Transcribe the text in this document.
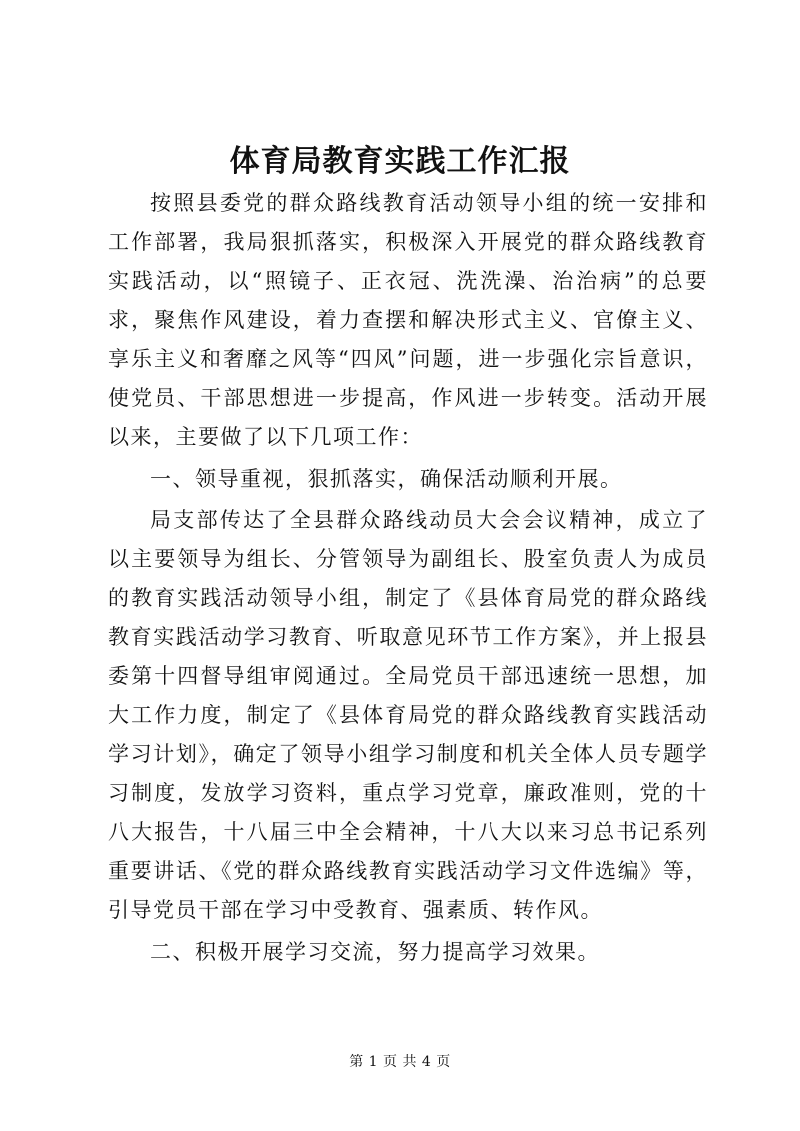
体育局教育实践工作汇报

按照县委党的群众路线教育活动领导小组的统一安排和工作部署，我局狠抓落实，积极深入开展党的群众路线教育实践活动，以“照镜子、正衣冠、洗洗澡、治治病”的总要求，聚焦作风建设，着力查摆和解决形式主义、官僚主义、享乐主义和奢靡之风等“四风”问题，进一步强化宗旨意识，使党员、干部思想进一步提高，作风进一步转变。活动开展以来，主要做了以下几项工作：

一、领导重视，狠抓落实，确保活动顺利开展。

局支部传达了全县群众路线动员大会会议精神，成立了以主要领导为组长、分管领导为副组长、股室负责人为成员的教育实践活动领导小组，制定了《县体育局党的群众路线教育实践活动学习教育、听取意见环节工作方案》，并上报县委第十四督导组审阅通过。全局党员干部迅速统一思想，加大工作力度，制定了《县体育局党的群众路线教育实践活动学习计划》，确定了领导小组学习制度和机关全体人员专题学习制度，发放学习资料，重点学习党章，廉政准则，党的十八大报告，十八届三中全会精神，十八大以来习总书记系列重要讲话、《党的群众路线教育实践活动学习文件选编》等，引导党员干部在学习中受教育、强素质、转作风。

二、积极开展学习交流，努力提高学习效果。

第 1 页 共 4 页
